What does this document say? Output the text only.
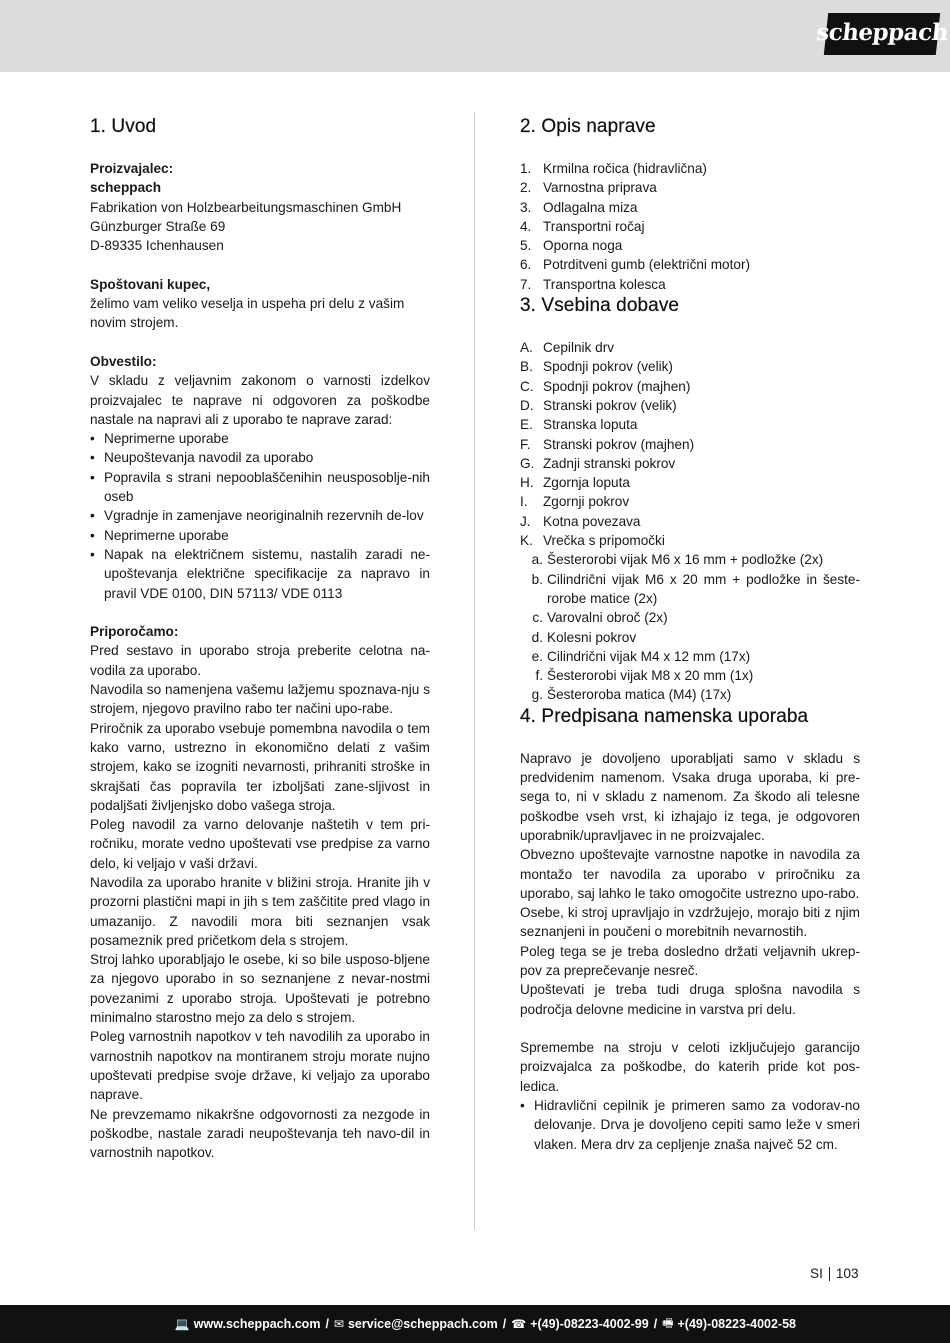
scheppach
1. Uvod

Proizvajalec:

scheppach

Fabrikation von Holzbearbeitungsmaschinen GmbH

Günzburger Straße 69

D-89335 Ichenhausen

Spoštovani kupec,

želimo vam veliko veselja in uspeha pri delu z vašim novim strojem.

Obvestilo:

V skladu z veljavnim zakonom o varnosti izdelkov proizvajalec te naprave ni odgovoren za poškodbe nastale na napravi ali z uporabo te naprave zarad:

• Neprimerne uporabe
• Neupoštevanja navodil za uporabo
• Popravila s strani nepooblaščenihin neusposoblje-nih oseb
• Vgradnje in zamenjave neoriginalnih rezervnih de-lov
• Neprimerne uporabe
• Napak na električnem sistemu, nastalih zaradi ne-upoštevanja električne specifikacije za napravo in pravil VDE 0100, DIN 57113/ VDE 0113

Priporočamo:

Pred sestavo in uporabo stroja preberite celotna na-vodila za uporabo.

Navodila so namenjena vašemu lažjemu spoznava-nju s strojem, njegovo pravilno rabo ter načini upo-rabe.

Priročnik za uporabo vsebuje pomembna navodila o tem kako varno, ustrezno in ekonomično delati z vašim strojem, kako se izogniti nevarnosti, prihraniti stroške in skrajšati čas popravila ter izboljšati zane-sljivost in podaljšati življenjsko dobo vašega stroja.

Poleg navodil za varno delovanje naštetih v tem pri-ročniku, morate vedno upoštevati vse predpise za varno delo, ki veljajo v vaši državi.

Navodila za uporabo hranite v bližini stroja. Hranite jih v prozorni plastični mapi in jih s tem zaščitite pred vlago in umazanijo. Z navodili mora biti seznanjen vsak posameznik pred pričetkom dela s strojem.

Stroj lahko uporabljajo le osebe, ki so bile usposo-bljene za njegovo uporabo in so seznanjene z nevar-nostmi povezanimi z uporabo stroja. Upoštevati je potrebno minimalno starostno mejo za delo s strojem.

Poleg varnostnih napotkov v teh navodilih za uporabo in varnostnih napotkov na montiranem stroju morate nujno upoštevati predpise svoje države, ki veljajo za uporabo naprave.

Ne prevzemamo nikakršne odgovornosti za nezgode in poškodbe, nastale zaradi neupoštevanja teh navo-dil in varnostnih napotkov.

2. Opis naprave
1. Krmilna ročica (hidravlična)
2. Varnostna priprava
3. Odlagalna miza
4. Transportni ročaj
5. Oporna noga
6. Potrditveni gumb (električni motor)
7. Transportna kolesca
3. Vsebina dobave
A. Cepilnik drv
B. Spodnji pokrov (velik)
C. Spodnji pokrov (majhen)
D. Stranski pokrov (velik)
E. Stranska loputa
F. Stranski pokrov (majhen)
G. Zadnji stranski pokrov
H. Zgornja loputa
I.	Zgornji pokrov
J. Kotna povezava
K. Vrečka s pripomočki
a. Šesterorobi vijak M6 x 16 mm + podložke (2x)
b. Cilindrični vijak M6 x 20 mm + podložke in šeste-rorobe matice (2x)
c. Varovalni obroč (2x)
d. Kolesni pokrov
e. Cilindrični vijak M4 x 12 mm (17x)
f. Šesterorobi vijak M8 x 20 mm (1x)
g. Šesteroroba matica (M4) (17x)
4. Predpisana namenska uporaba

Napravo je dovoljeno uporabljati samo v skladu s predvidenim namenom. Vsaka druga uporaba, ki pre-sega to, ni v skladu z namenom. Za škodo ali telesne poškodbe vseh vrst, ki izhajajo iz tega, je odgovoren uporabnik/upravljavec in ne proizvajalec.

Obvezno upoštevajte varnostne napotke in navodila za montažo ter navodila za uporabo v priročniku za uporabo, saj lahko le tako omogočite ustrezno upo-rabo.

Osebe, ki stroj upravljajo in vzdržujejo, morajo biti z njim seznanjeni in poučeni o morebitnih nevarnostih.

Poleg tega se je treba dosledno držati veljavnih ukrep-pov za preprečevanje nesreč.

Upoštevati je treba tudi druga splošna navodila s področja delovne medicine in varstva pri delu.

Spremembe na stroju v celoti izključujejo garancijo proizvajalca za poškodbe, do katerih pride kot pos-ledica.

• Hidravlični cepilnik je primeren samo za vodorav-no delovanje. Drva je dovoljeno cepiti samo leže v smeri vlaken. Mera drv za cepljenje znaša največ 52 cm.
SI 103
💻 www.scheppach.com / ✉ service@scheppach.com / ☎ +(49)-08223-4002-99 / 🖷 +(49)-08223-4002-58
